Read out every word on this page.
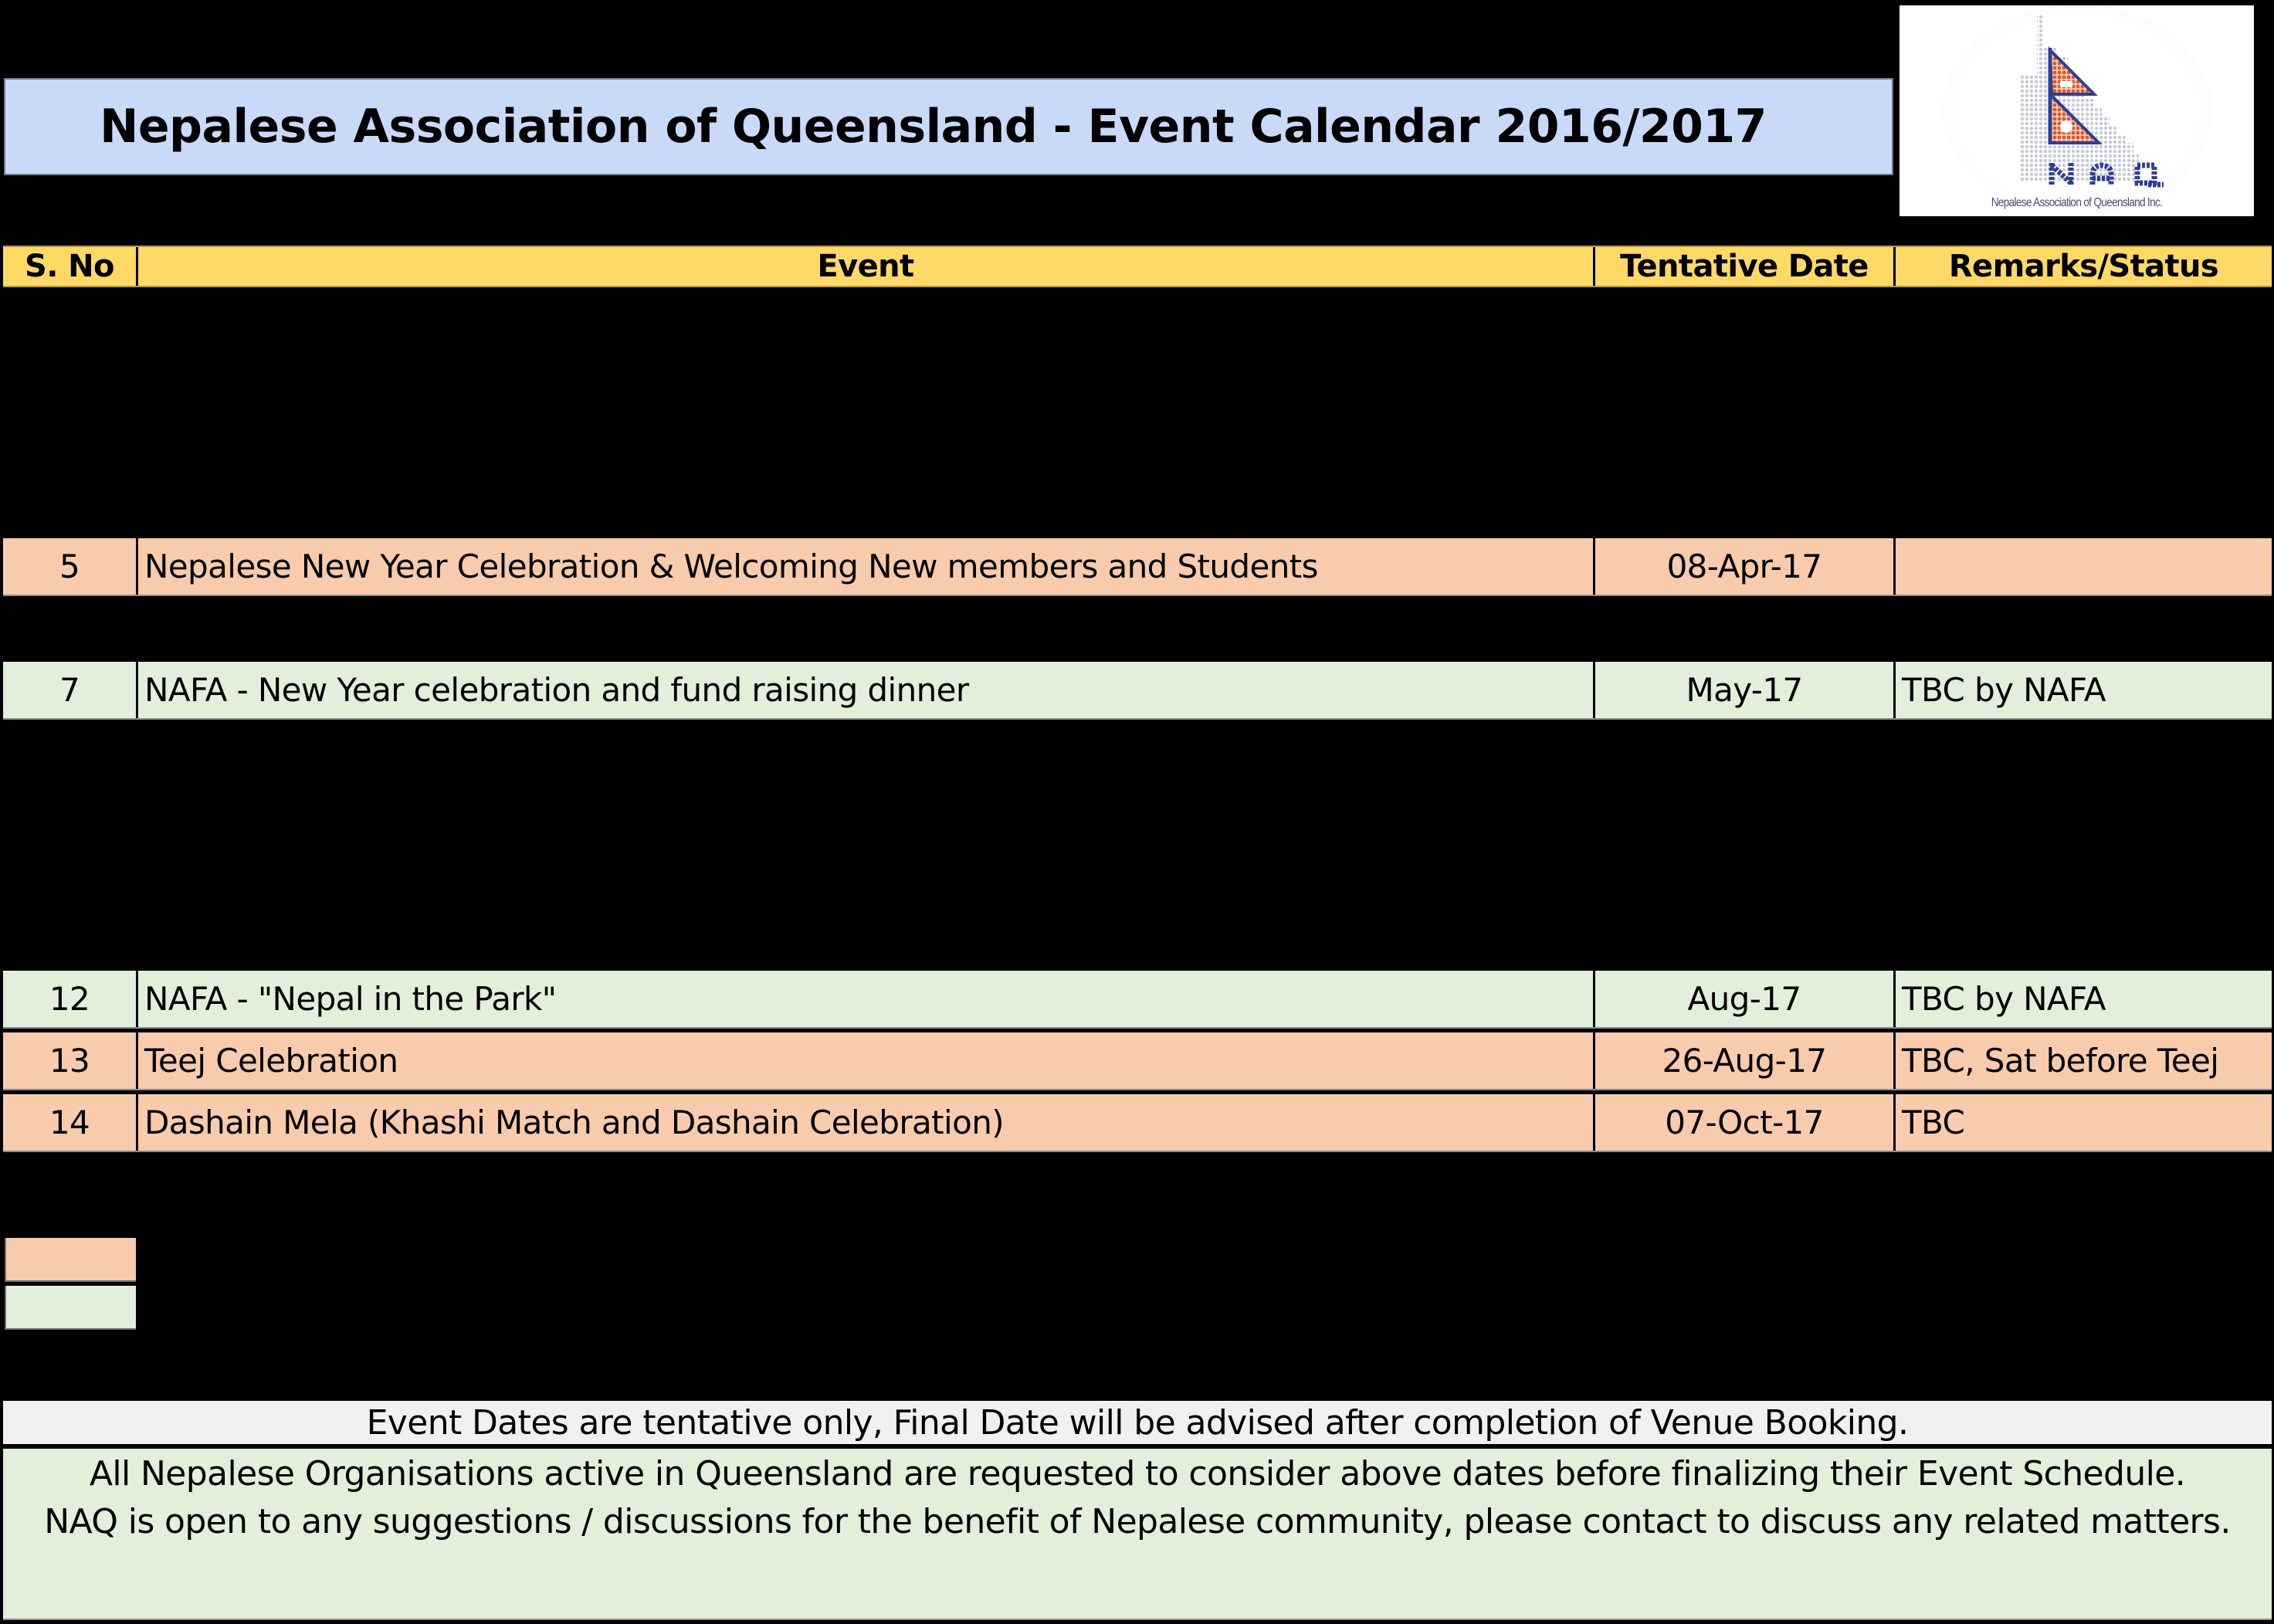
Nepalese Association of Queensland - Event Calendar 2016/2017
Nepalese Association of Queensland Inc.
S. No	Event	Tentative Date	Remarks/Status
5	Nepalese New Year Celebration & Welcoming New members and Students	08-Apr-17
7	NAFA - New Year celebration and fund raising dinner	May-17	TBC by NAFA
12	NAFA - "Nepal in the Park"	Aug-17	TBC by NAFA
13	Teej Celebration	26-Aug-17	TBC, Sat before Teej
14	Dashain Mela (Khashi Match and Dashain Celebration)	07-Oct-17	TBC
Event Dates are tentative only, Final Date will be advised after completion of Venue Booking.

All Nepalese Organisations active in Queensland are requested to consider above dates before finalizing their Event Schedule.

NAQ is open to any suggestions / discussions for the benefit of Nepalese community, please contact to discuss any related matters.
